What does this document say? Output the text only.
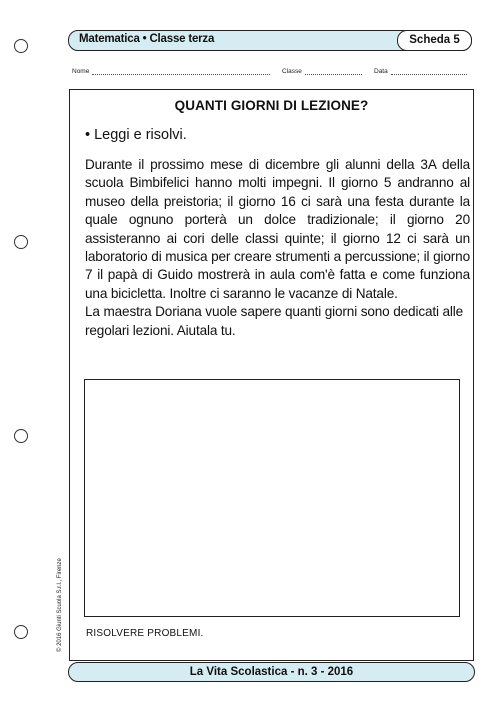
Matematica • Classe terza	Scheda 5
Nome	Classe	Data
QUANTI GIORNI DI LEZIONE?
• Leggi e risolvi.

Durante il prossimo mese di dicembre gli alunni della 3A della scuola Bimbifelici hanno molti impegni. Il giorno 5 andranno al museo della preistoria; il giorno 16 ci sarà una festa durante la quale ognuno porterà un dolce tradizionale; il giorno 20 assisteranno ai cori delle classi quinte; il giorno 12 ci sarà un laboratorio di musica per creare strumenti a percussione; il giorno 7 il papà di Guido mostrerà in aula com'è fatta e come funziona una bicicletta. Inoltre ci saranno le vacanze di Natale.

La maestra Doriana vuole sapere quanti giorni sono dedicati alle regolari lezioni. Aiutala tu.

RISOLVERE PROBLEMI.
© 2016 Giunti Scuola S.r.l., Firenze
La Vita Scolastica - n. 3 - 2016
